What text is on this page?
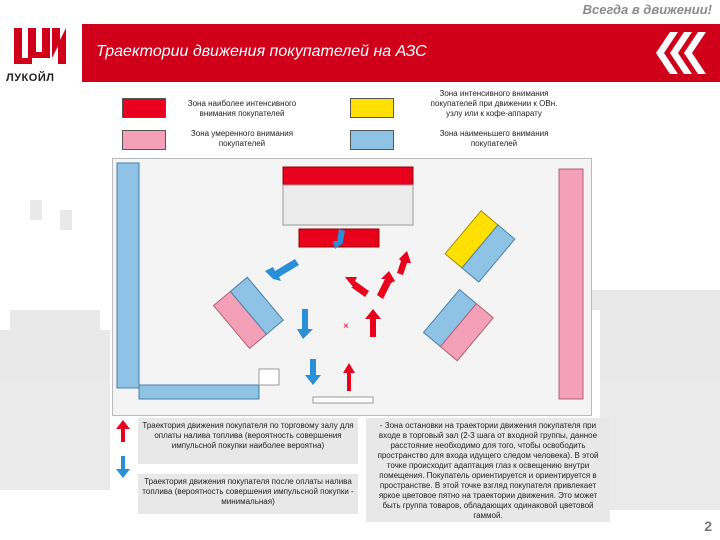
Всегда в движении!
ЛУКОЙЛ
Траектории движения покупателей на АЗС
Зона наиболее интенсивного внимания покупателей
Зона интенсивного внимания покупателей при движении к ОВн. узлу или к кофе-аппарату
Зона умеренного внимания покупателей
Зона наименьшего внимания покупателей
×
Траектория движения покупателя по торговому залу для оплаты налива топлива (вероятность совершения импульсной покупки наиболее вероятна)
Траектория движения покупателя после оплаты налива топлива (вероятность совершения импульсной покупки - минимальная)
- Зона остановки на траектории движения покупателя при входе в торговый зал (2-3 шага от входной группы, данное расстояние необходимо для того, чтобы освободить пространство для входа идущего следом человека). В этой точке происходит адаптация глаз к освещению внутри помещения. Покупатель ориентируется и ориентируется в пространстве. В этой точке взгляд покупателя привлекает яркое цветовое пятно на траектории движения. Это может быть группа товаров, обладающих одинаковой цветовой гаммой.
2
